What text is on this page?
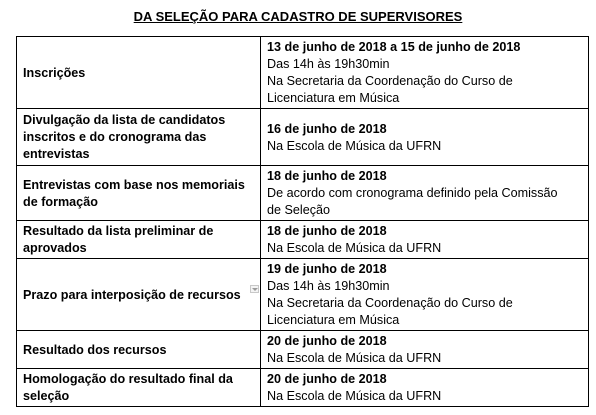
DA SELEÇÃO PARA CADASTRO DE SUPERVISORES
Inscrições	13 de junho de 2018 a 15 de junho de 2018
Das 14h às 19h30min
Na Secretaria da Coordenação do Curso de
Licenciatura em Música

Divulgação da lista de candidatos inscritos e do cronograma das entrevistas	16 de junho de 2018
Na Escola de Música da UFRN

Entrevistas com base nos memoriais de formação	18 de junho de 2018
De acordo com cronograma definido pela Comissão
de Seleção

Resultado da lista preliminar de aprovados	18 de junho de 2018
Na Escola de Música da UFRN

Prazo para interposição de recursos	19 de junho de 2018
Das 14h às 19h30min
Na Secretaria da Coordenação do Curso de
Licenciatura em Música

Resultado dos recursos	20 de junho de 2018
Na Escola de Música da UFRN

Homologação do resultado final da seleção	20 de junho de 2018
Na Escola de Música da UFRN
